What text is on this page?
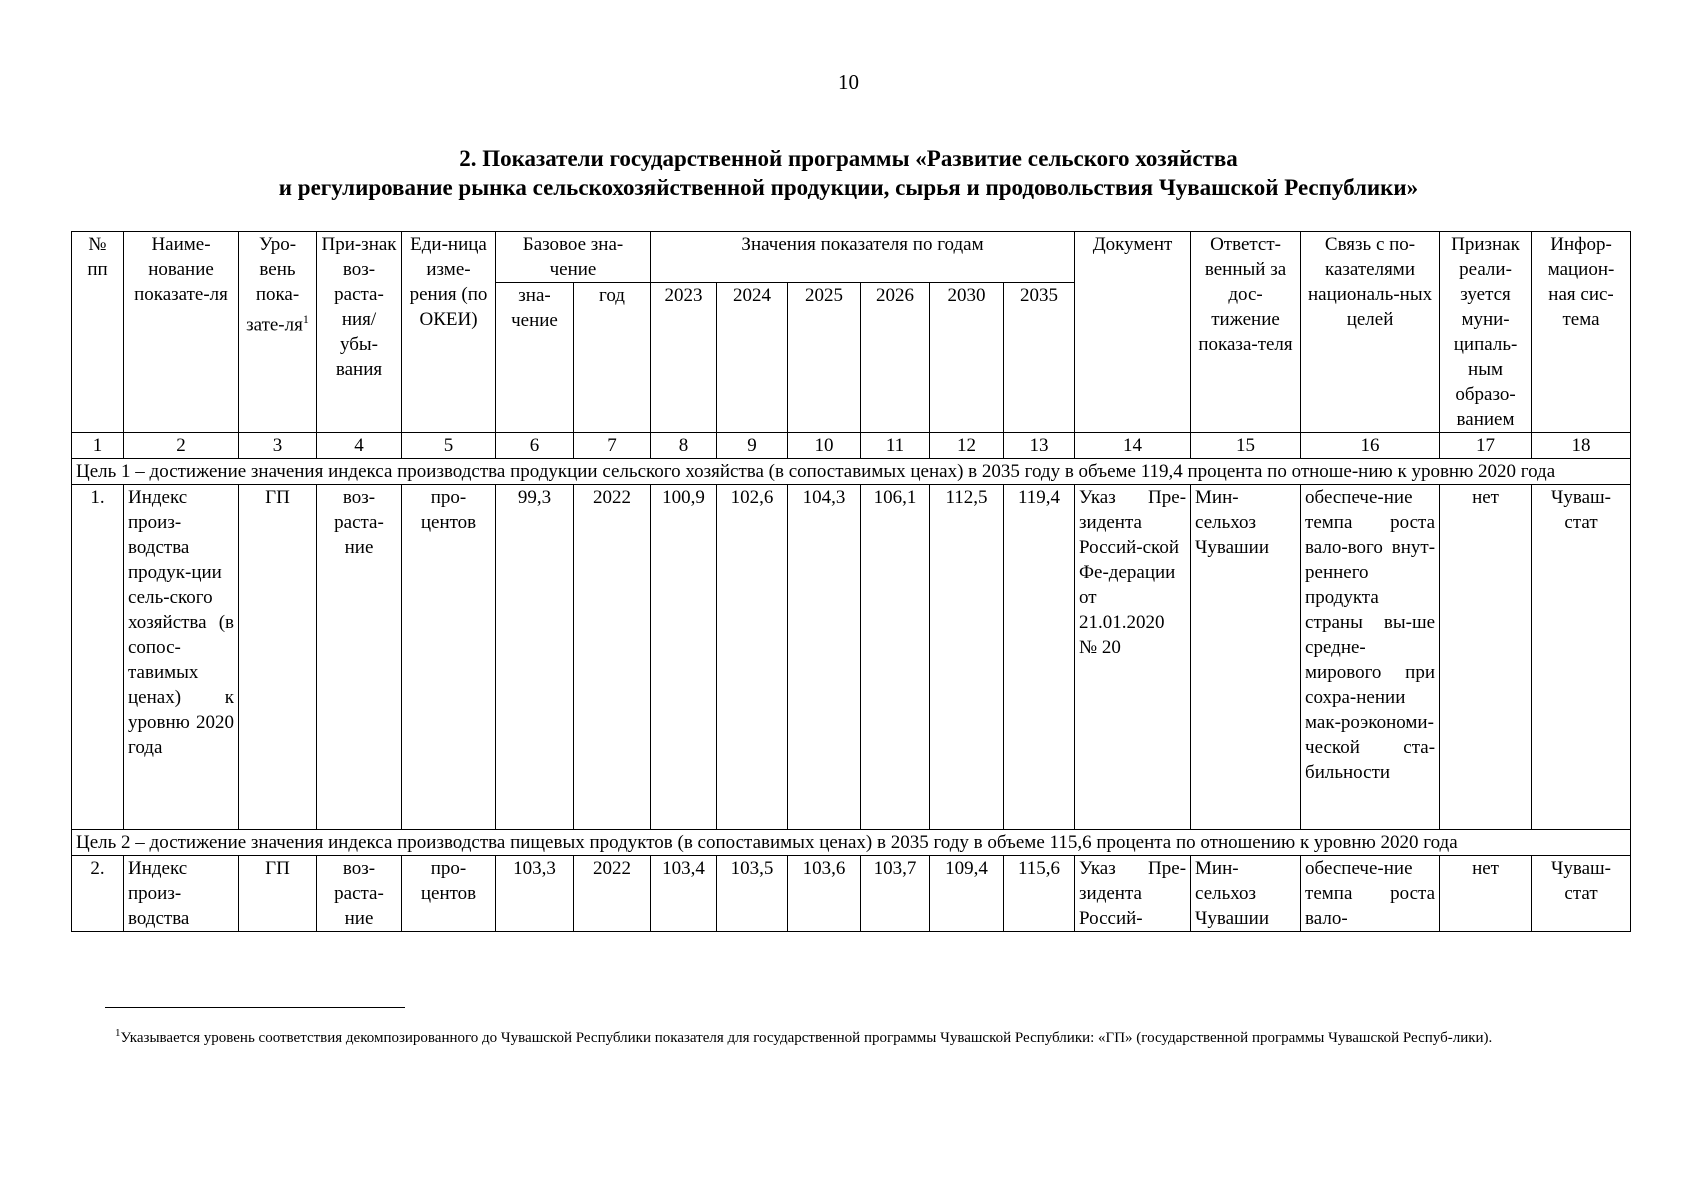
10
2. Показатели государственной программы «Развитие сельского хозяйства
и регулирование рынка сельскохозяйственной продукции, сырья и продовольствия Чувашской Республики»
№ пп	Наиме-нование показате-ля	Уро-вень пока-$зате-ля^1$	При-знак воз-раста-ния/ убы-вания	Еди-ница изме-рения (по ОКЕИ)	Базовое зна-чение		Значения показателя по годам						Документ	Ответст-венный за дос-тижение показа-теля	Связь с по-казателями националь-ных целей	Признак реали-зуется муни-ципаль-ным образо-ванием	Инфор-мацион-ная сис-тема
					зна-чение	год	2023	2024	2025	2026	2030	2035					
1	2	3	4	5	6	7	8	9	10	11	12	13	14	15	16	17	18
Цель 1 – достижение значения индекса производства продукции сельского хозяйства (в сопоставимых ценах) в 2035 году в объеме 119,4 процента по отноше-нию к уровню 2020 года																	
1.	Индекс произ-водства продук-ции сель-ского хозяйства (в сопос-тавимых ценах) к уровню 2020 года	ГП	воз-раста-ние	про-центов	99,3	2022	100,9	102,6	104,3	106,1	112,5	119,4	Указ Пре-зидента Россий-ской Фе-дерации от 21.01.2020 № 20	Мин-сельхоз Чувашии	обеспече-ние темпа роста вало-вого внут-реннего продукта страны вы-ше средне-мирового при сохра-нении мак-роэкономи-ческой ста-бильности	нет	Чуваш-стат
Цель 2 – достижение значения индекса производства пищевых продуктов (в сопоставимых ценах) в 2035 году в объеме 115,6 процента по отношению к уровню 2020 года																	
2.	Индекс произ-водства	ГП	воз-раста-ние	про-центов	103,3	2022	103,4	103,5	103,6	103,7	109,4	115,6	Указ Пре-зидента Россий-	Мин-сельхоз Чувашии	обеспече-ние темпа роста вало-	нет	Чуваш-стат
$^1$Указывается уровень соответствия декомпозированного до Чувашской Республики показателя для государственной программы Чувашской Республики: «ГП» (государственной программы Чувашской Респуб-лики).
